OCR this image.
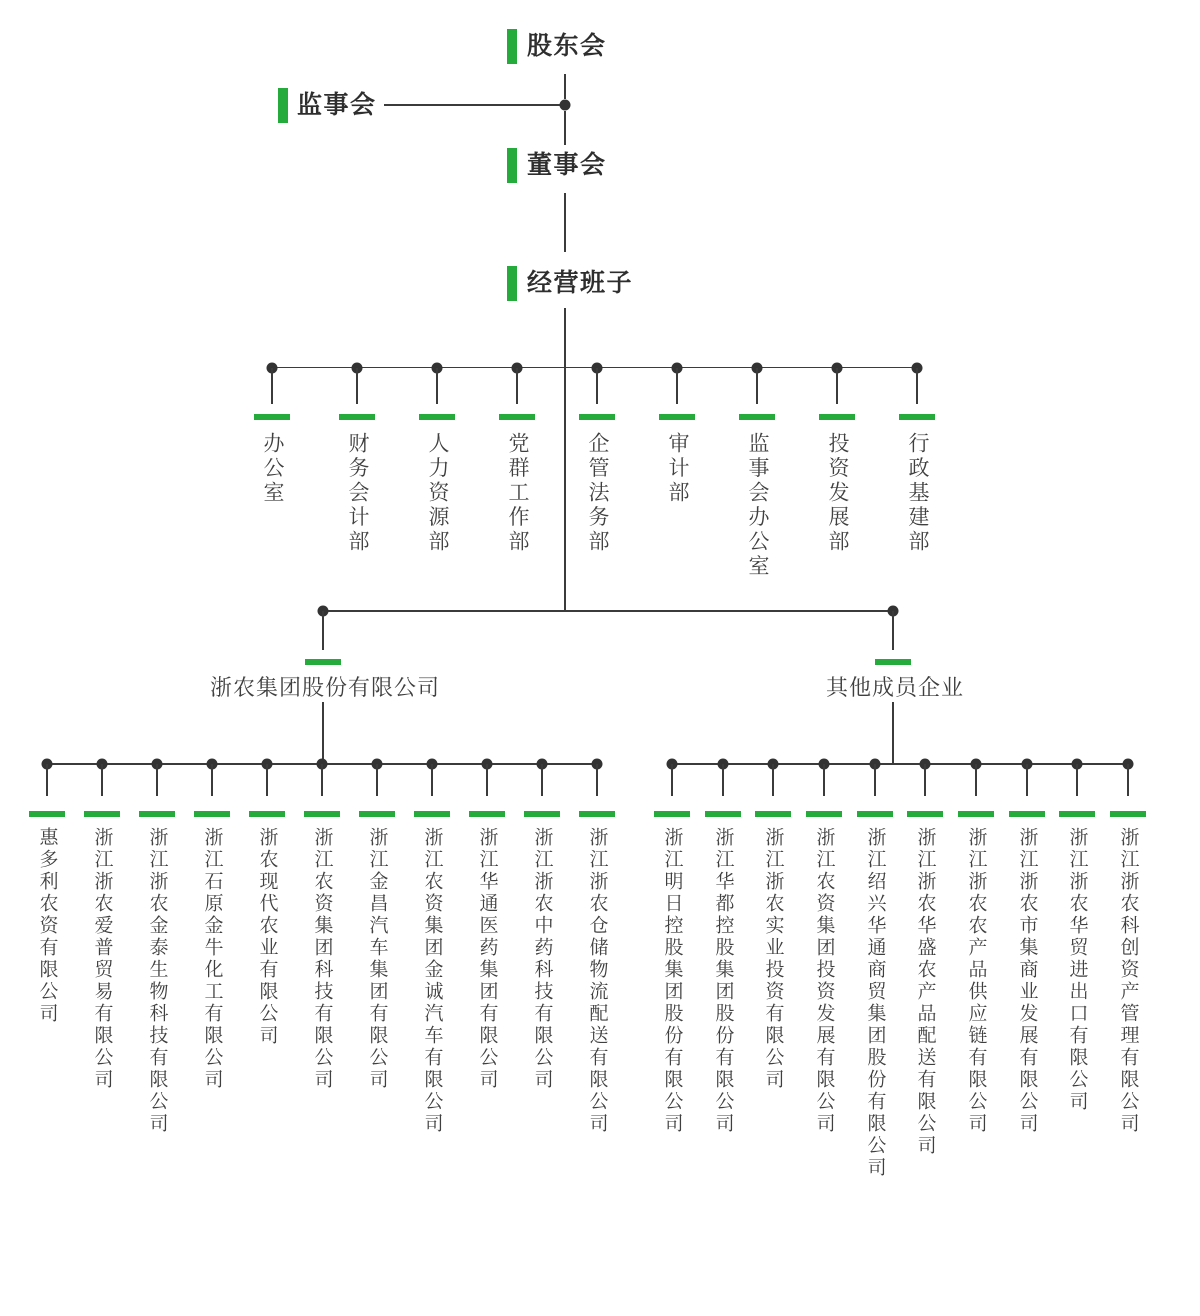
股东会
监事会
董事会
经营班子
浙农集团股份有限公司	其他成员企业
办公室	财务会计部	人力资源部	党群工作部	企管法务部	审计部	监事会办公室	投资发展部	行政基建部
惠多利农资有限公司 浙江浙农爱普贸易有限公司 浙江浙农金泰生物科技有限公司 浙江石原金牛化工有限公司 浙农现代农业有限公司 浙江农资集团科技有限公司 浙江金昌汽车集团有限公司 浙江农资集团金诚汽车有限公司 浙江华通医药集团有限公司 浙江浙农中药科技有限公司 浙江浙农仓储物流配送有限公司	浙江明日控股集团股份有限公司 浙江华都控股集团股份有限公司 浙江浙农实业投资有限公司 浙江农资集团投资发展有限公司 浙江绍兴华通商贸集团股份有限公司 浙江浙农华盛农产品配送有限公司 浙江浙农农产品供应链有限公司 浙江浙农市集商业发展有限公司 浙江浙农华贸进出口有限公司 浙江浙农科创资产管理有限公司
